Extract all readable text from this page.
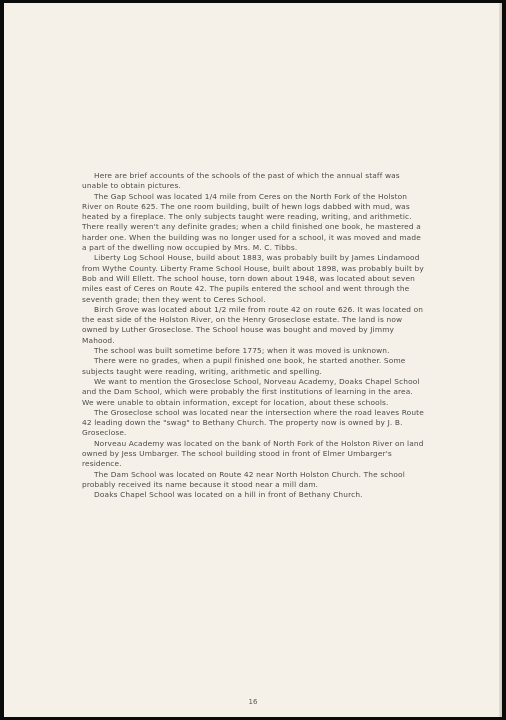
Here are brief accounts of the schools of the past of which the annual staff was unable to obtain pictures.

The Gap School was located 1/4 mile from Ceres on the North Fork of the Holston River on Route 625. The one room building, built of hewn logs dabbed with mud, was heated by a fireplace. The only subjects taught were reading, writing, and arithmetic. There really weren't any definite grades; when a child finished one book, he mastered a harder one. When the building was no longer used for a school, it was moved and made a part of the dwelling now occupied by Mrs. M. C. Tibbs.

Liberty Log School House, build about 1883, was probably built by James Lindamood from Wythe County. Liberty Frame School House, built about 1898, was probably built by Bob and Will Ellett. The school house, torn down about 1948, was located about seven miles east of Ceres on Route 42. The pupils entered the school and went through the seventh grade; then they went to Ceres School.

Birch Grove was located about 1/2 mile from route 42 on route 626. It was located on the east side of the Holston River, on the Henry Groseclose estate. The land is now owned by Luther Groseclose. The School house was bought and moved by Jimmy Mahood.

The school was built sometime before 1775; when it was moved is unknown.

There were no grades, when a pupil finished one book, he started another. Some subjects taught were reading, writing, arithmetic and spelling.

We want to mention the Groseclose School, Norveau Academy, Doaks Chapel School and the Dam School, which were probably the first institutions of learning in the area. We were unable to obtain information, except for location, about these schools.

The Groseclose school was located near the intersection where the road leaves Route 42 leading down the "swag" to Bethany Church. The property now is owned by J. B. Groseclose.

Norveau Academy was located on the bank of North Fork of the Holston River on land owned by Jess Umbarger. The school building stood in front of Elmer Umbarger's residence.

The Dam School was located on Route 42 near North Holston Church. The school probably received its name because it stood near a mill dam.

Doaks Chapel School was located on a hill in front of Bethany Church.

16
